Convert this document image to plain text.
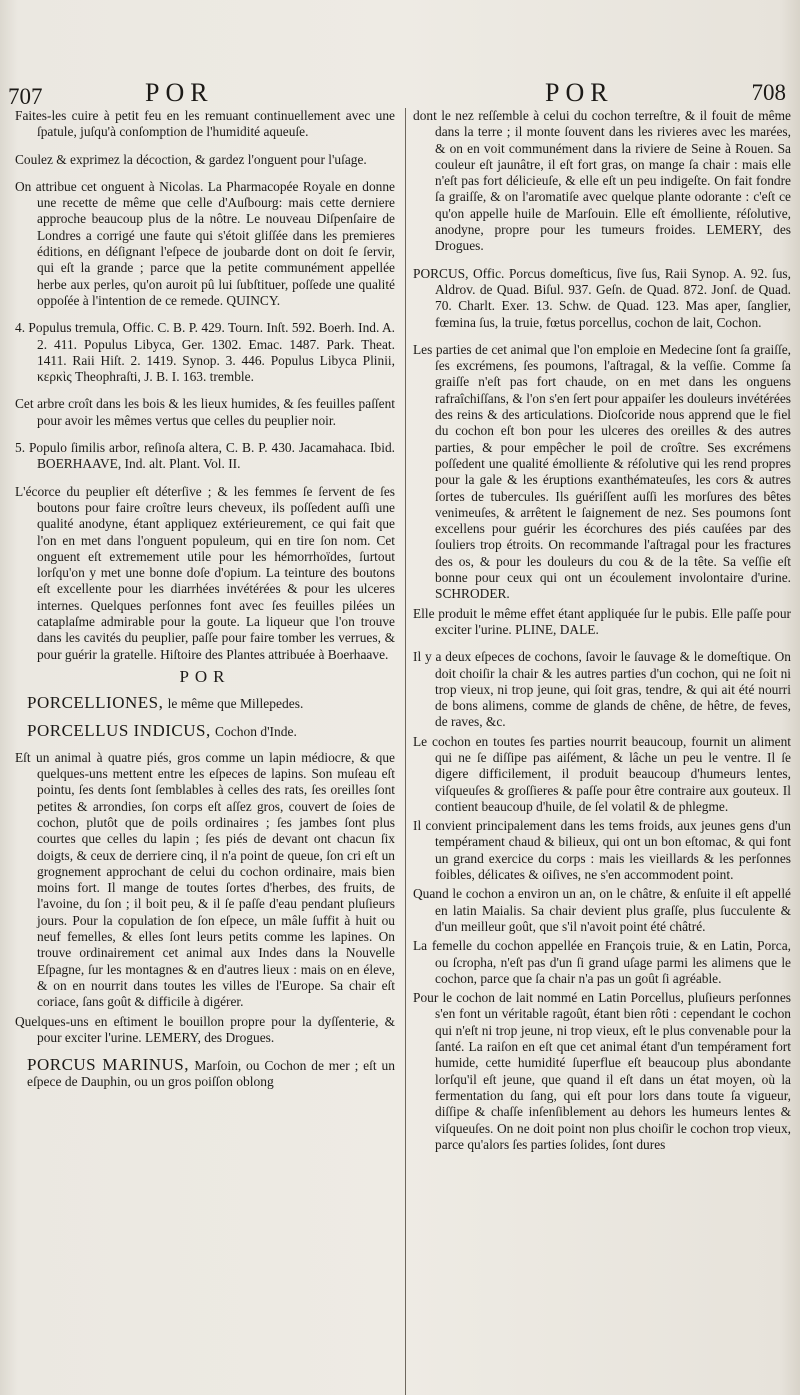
707	POR	POR	708

Faites-les cuire à petit feu en les remuant continuellement avec une ſpatule, juſqu'à conſomption de l'humidité aqueuſe.

Coulez & exprimez la décoction, & gardez l'onguent pour l'uſage.

On attribue cet onguent à Nicolas. La Pharmacopée Royale en donne une recette de même que celle d'Auſbourg: mais cette derniere approche beaucoup plus de la nôtre. Le nouveau Diſpenſaire de Londres a corrigé une faute qui s'étoit gliſſée dans les premieres éditions, en déſignant l'eſpece de joubarde dont on doit ſe ſervir, qui eſt la grande ; parce que la petite communément appellée herbe aux perles, qu'on auroit pû lui ſubſtituer, poſſede une qualité oppoſée à l'intention de ce remede. QUINCY.

4. Populus tremula, Offic. C. B. P. 429. Tourn. Inſt. 592. Boerh. Ind. A. 2. 411. Populus Libyca, Ger. 1302. Emac. 1487. Park. Theat. 1411. Raii Hiſt. 2. 1419. Synop. 3. 446. Populus Libyca Plinii, κερκὶς Theophraſti, J. B. I. 163. tremble.

Cet arbre croît dans les bois & les lieux humides, & ſes feuilles paſſent pour avoir les mêmes vertus que celles du peuplier noir.

5. Populo ſimilis arbor, reſinoſa altera, C. B. P. 430. Jacamahaca. Ibid. BOERHAAVE, Ind. alt. Plant. Vol. II.

L'écorce du peuplier eſt déterſive ; & les femmes ſe ſervent de ſes boutons pour faire croître leurs cheveux, ils poſſedent auſſi une qualité anodyne, étant appliquez extérieurement, ce qui fait que l'on en met dans l'onguent populeum, qui en tire ſon nom. Cet onguent eſt extremement utile pour les hémorrhoïdes, ſurtout lorſqu'on y met une bonne doſe d'opium. La teinture des boutons eſt excellente pour les diarrhées invétérées & pour les ulceres internes. Quelques perſonnes font avec ſes feuilles pilées un cataplaſme admirable pour la goute. La liqueur que l'on trouve dans les cavités du peuplier, paſſe pour faire tomber les verrues, & pour guérir la gratelle. Hiſtoire des Plantes attribuée à Boerhaave.

POR
PORCELLIONES, le même que Millepedes.
PORCELLUS INDICUS, Cochon d'Inde.

Eſt un animal à quatre piés, gros comme un lapin médiocre, & que quelques-uns mettent entre les eſpeces de lapins. Son muſeau eſt pointu, ſes dents ſont ſemblables à celles des rats, ſes oreilles ſont petites & arrondies, ſon corps eſt aſſez gros, couvert de ſoies de cochon, plutôt que de poils ordinaires ; ſes jambes ſont plus courtes que celles du lapin ; ſes piés de devant ont chacun ſix doigts, & ceux de derriere cinq, il n'a point de queue, ſon cri eſt un grognement approchant de celui du cochon ordinaire, mais bien moins fort. Il mange de toutes ſortes d'herbes, des fruits, de l'avoine, du ſon ; il boit peu, & il ſe paſſe d'eau pendant pluſieurs jours. Pour la copulation de ſon eſpece, un mâle ſuffit à huit ou neuf femelles, & elles ſont leurs petits comme les lapines. On trouve ordinairement cet animal aux Indes dans la Nouvelle Eſpagne, ſur les montagnes & en d'autres lieux : mais on en éleve, & on en nourrit dans toutes les villes de l'Europe. Sa chair eſt coriace, ſans goût & difficile à digérer.

Quelques-uns en eſtiment le bouillon propre pour la dyſſenterie, & pour exciter l'urine. LEMERY, des Drogues.

PORCUS MARINUS, Marſoin, ou Cochon de mer ; eſt un eſpece de Dauphin, ou un gros poiſſon oblong

dont le nez reſſemble à celui du cochon terreſtre, & il fouit de même dans la terre ; il monte ſouvent dans les rivieres avec les marées, & on en voit communément dans la riviere de Seine à Rouen. Sa couleur eſt jaunâtre, il eſt fort gras, on mange ſa chair : mais elle n'eſt pas fort délicieuſe, & elle eſt un peu indigeſte. On fait fondre ſa graiſſe, & on l'aromatiſe avec quelque plante odorante : c'eſt ce qu'on appelle huile de Marſouin. Elle eſt émolliente, réſolutive, anodyne, propre pour les tumeurs froides. LEMERY, des Drogues.

PORCUS, Offic. Porcus domeſticus, ſive ſus, Raii Synop. A. 92. ſus, Aldrov. de Quad. Biſul. 937. Geſn. de Quad. 872. Jonſ. de Quad. 70. Charlt. Exer. 13. Schw. de Quad. 123. Mas aper, ſanglier, fœmina ſus, la truie, fœtus porcellus, cochon de lait, Cochon.

Les parties de cet animal que l'on emploie en Medecine ſont ſa graiſſe, ſes excrémens, ſes poumons, l'aſtragal, & la veſſie. Comme ſa graiſſe n'eſt pas fort chaude, on en met dans les onguens rafraîchiſſans, & l'on s'en ſert pour appaiſer les douleurs invétérées des reins & des articulations. Dioſcoride nous apprend que le fiel du cochon eſt bon pour les ulceres des oreilles & des autres parties, & pour empêcher le poil de croître. Ses excrémens poſſedent une qualité émolliente & réſolutive qui les rend propres pour la gale & les éruptions exanthémateuſes, les cors & autres ſortes de tubercules. Ils guériſſent auſſi les morſures des bêtes venimeuſes, & arrêtent le ſaignement de nez. Ses poumons ſont excellens pour guérir les écorchures des piés cauſées par des ſouliers trop étroits. On recommande l'aſtragal pour les fractures des os, & pour les douleurs du cou & de la tête. Sa veſſie eſt bonne pour ceux qui ont un écoulement involontaire d'urine. SCHRODER.

Elle produit le même effet étant appliquée ſur le pubis. Elle paſſe pour exciter l'urine. PLINE, DALE.

Il y a deux eſpeces de cochons, ſavoir le ſauvage & le domeſtique. On doit choiſir la chair & les autres parties d'un cochon, qui ne ſoit ni trop vieux, ni trop jeune, qui ſoit gras, tendre, & qui ait été nourri de bons alimens, comme de glands de chêne, de hêtre, de feves, de raves, &c.

Le cochon en toutes ſes parties nourrit beaucoup, fournit un aliment qui ne ſe diſſipe pas aiſément, & lâche un peu le ventre. Il ſe digere difficilement, il produit beaucoup d'humeurs lentes, viſqueuſes & groſſieres & paſſe pour être contraire aux gouteux. Il contient beaucoup d'huile, de ſel volatil & de phlegme.

Il convient principalement dans les tems froids, aux jeunes gens d'un tempérament chaud & bilieux, qui ont un bon eſtomac, & qui font un grand exercice du corps : mais les vieillards & les perſonnes foibles, délicates & oiſives, ne s'en accommodent point.

Quand le cochon a environ un an, on le châtre, & enſuite il eſt appellé en latin Maialis. Sa chair devient plus graſſe, plus ſucculente & d'un meilleur goût, que s'il n'avoit point été châtré.

La femelle du cochon appellée en François truie, & en Latin, Porca, ou ſcropha, n'eſt pas d'un ſi grand uſage parmi les alimens que le cochon, parce que ſa chair n'a pas un goût ſi agréable.

Pour le cochon de lait nommé en Latin Porcellus, pluſieurs perſonnes s'en font un véritable ragoût, étant bien rôti : cependant le cochon qui n'eſt ni trop jeune, ni trop vieux, eſt le plus convenable pour la ſanté. La raiſon en eſt que cet animal étant d'un tempérament fort humide, cette humidité ſuperflue eſt beaucoup plus abondante lorſqu'il eſt jeune, que quand il eſt dans un état moyen, où la fermentation du ſang, qui eſt pour lors dans toute ſa vigueur, diſſipe & chaſſe inſenſiblement au dehors les humeurs lentes & viſqueuſes. On ne doit point non plus choiſir le cochon trop vieux, parce qu'alors ſes parties ſolides, ſont dures
